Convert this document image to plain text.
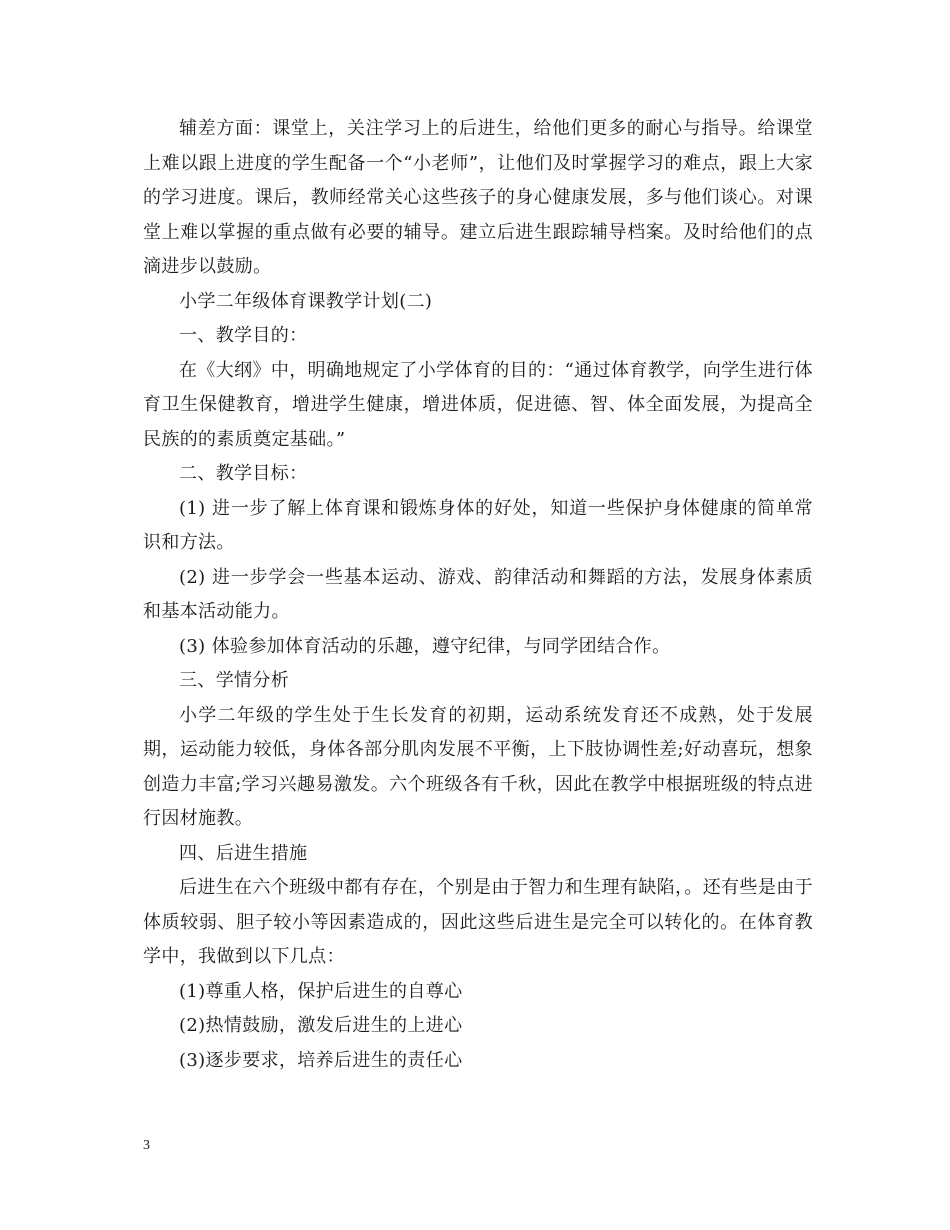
辅差方面：课堂上，关注学习上的后进生，给他们更多的耐心与指导。给课堂上难以跟上进度的学生配备一个“小老师”，让他们及时掌握学习的难点，跟上大家的学习进度。课后，教师经常关心这些孩子的身心健康发展，多与他们谈心。对课堂上难以掌握的重点做有必要的辅导。建立后进生跟踪辅导档案。及时给他们的点滴进步以鼓励。

小学二年级体育课教学计划(二)

一、教学目的：

在《大纲》中，明确地规定了小学体育的目的：“通过体育教学，向学生进行体育卫生保健教育，增进学生健康，增进体质，促进德、智、体全面发展，为提高全民族的的素质奠定基础。”

二、教学目标：

(1) 进一步了解上体育课和锻炼身体的好处，知道一些保护身体健康的简单常识和方法。

(2) 进一步学会一些基本运动、游戏、韵律活动和舞蹈的方法，发展身体素质和基本活动能力。

(3) 体验参加体育活动的乐趣，遵守纪律，与同学团结合作。

三、学情分析

小学二年级的学生处于生长发育的初期，运动系统发育还不成熟，处于发展期，运动能力较低，身体各部分肌肉发展不平衡，上下肢协调性差;好动喜玩，想象创造力丰富;学习兴趣易激发。六个班级各有千秋，因此在教学中根据班级的特点进行因材施教。

四、后进生措施

后进生在六个班级中都有存在，个别是由于智力和生理有缺陷，。还有些是由于体质较弱、胆子较小等因素造成的，因此这些后进生是完全可以转化的。在体育教学中，我做到以下几点：

(1)尊重人格，保护后进生的自尊心

(2)热情鼓励，激发后进生的上进心

(3)逐步要求，培养后进生的责任心

3
